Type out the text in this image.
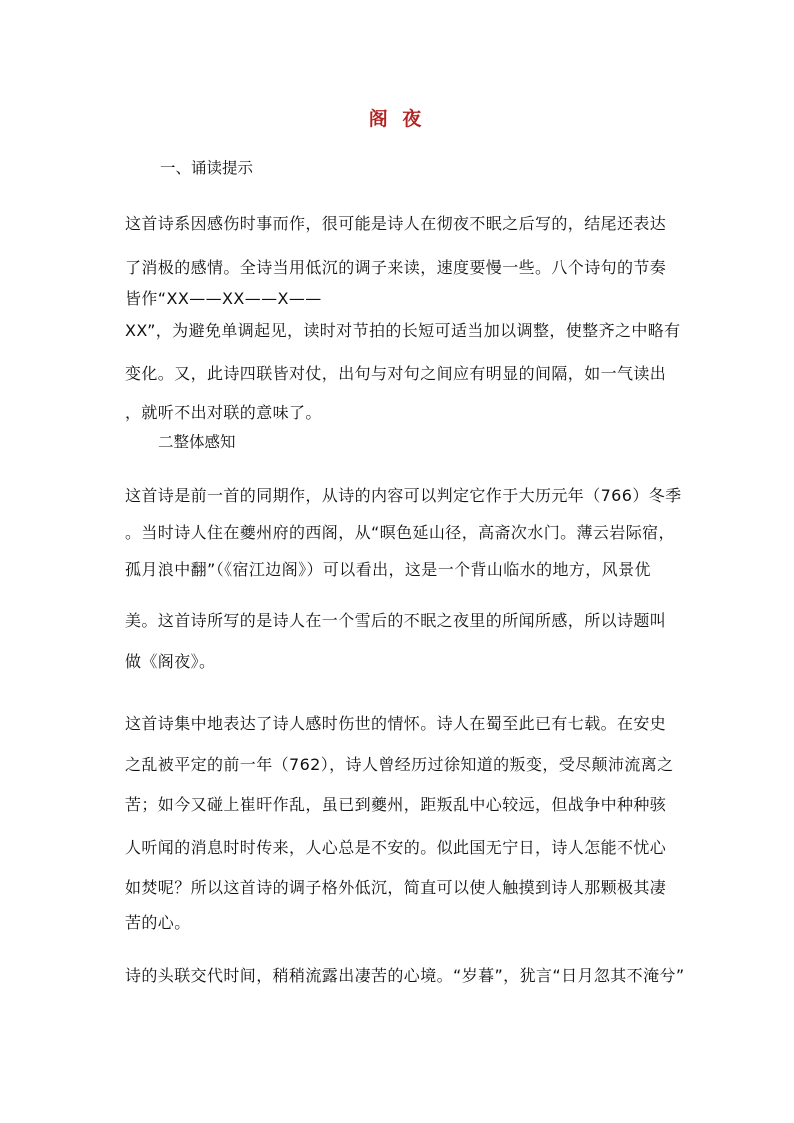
阁 夜

一、诵读提示

这首诗系因感伤时事而作，很可能是诗人在彻夜不眠之后写的，结尾还表达
了消极的感情。全诗当用低沉的调子来读，速度要慢一些。八个诗句的节奏
皆作“XX——XX——X——
XX”，为避免单调起见，读时对节拍的长短可适当加以调整，使整齐之中略有
变化。又，此诗四联皆对仗，出句与对句之间应有明显的间隔，如一气读出
，就听不出对联的意味了。

二整体感知

这首诗是前一首的同期作，从诗的内容可以判定它作于大历元年（766）冬季
。当时诗人住在夔州府的西阁，从“暝色延山径，高斋次水门。薄云岩际宿，
孤月浪中翻”（《宿江边阁》）可以看出，这是一个背山临水的地方，风景优
美。这首诗所写的是诗人在一个雪后的不眠之夜里的所闻所感，所以诗题叫
做《阁夜》。
这首诗集中地表达了诗人感时伤世的情怀。诗人在蜀至此已有七载。在安史
之乱被平定的前一年（762），诗人曾经历过徐知道的叛变，受尽颠沛流离之
苦；如今又碰上崔旰作乱，虽已到夔州，距叛乱中心较远，但战争中种种骇
人听闻的消息时时传来，人心总是不安的。似此国无宁日，诗人怎能不忧心
如焚呢？所以这首诗的调子格外低沉，简直可以使人触摸到诗人那颗极其凄
苦的心。
诗的头联交代时间，稍稍流露出凄苦的心境。“岁暮”，犹言“日月忽其不淹兮”
